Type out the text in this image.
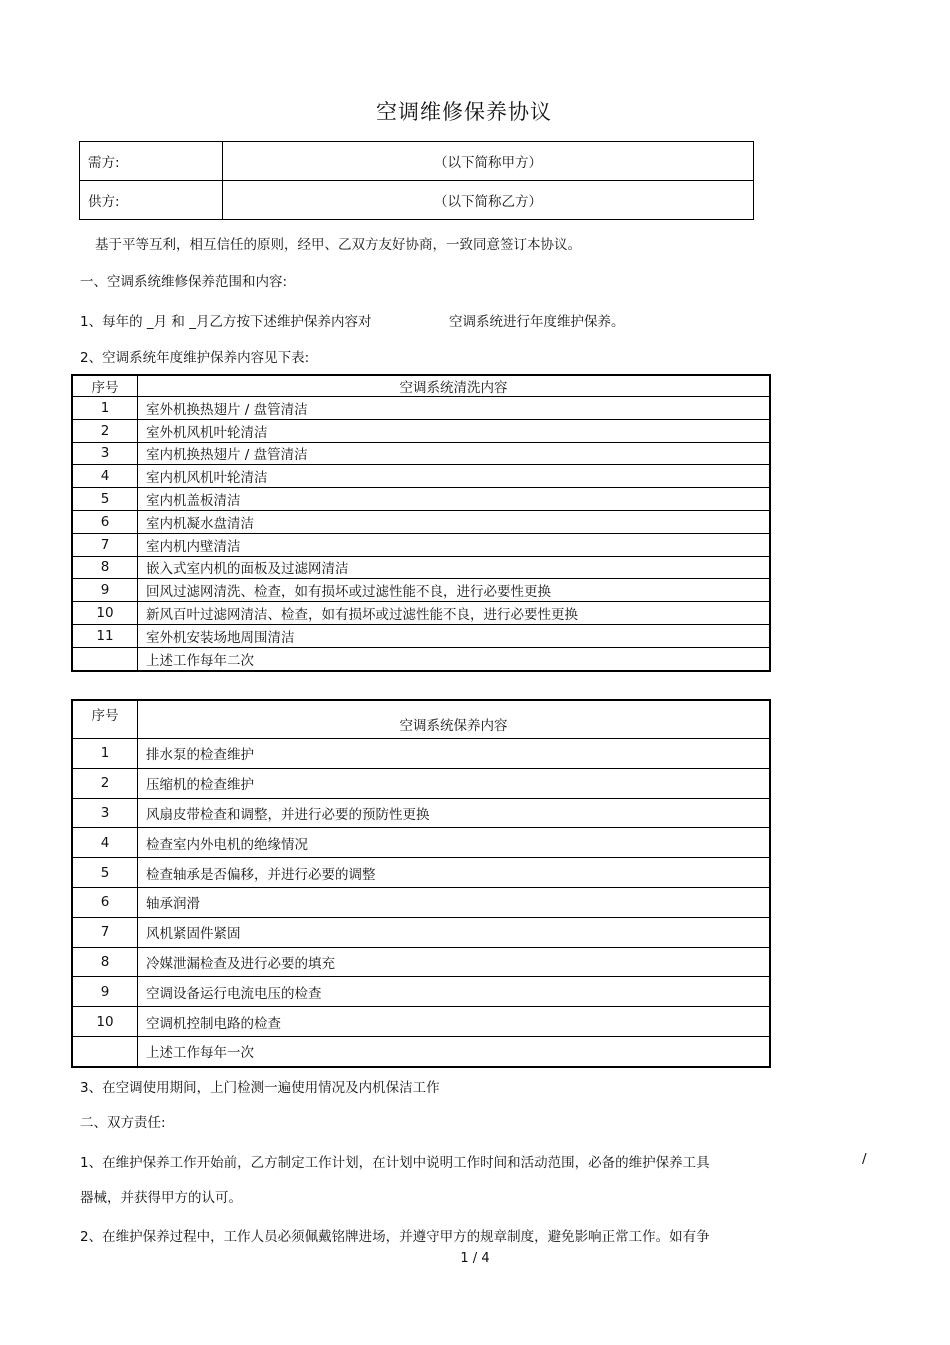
空调维修保养协议
需方:	（以下简称甲方）
供方:	（以下简称乙方）
基于平等互利，相互信任的原则，经甲、乙双方友好协商，一致同意签订本协议。
一、空调系统维修保养范围和内容:
1、每年的 _月 和 _月乙方按下述维护保养内容对	空调系统进行年度维护保养。
2、空调系统年度维护保养内容见下表:
序号	空调系统清洗内容
1	室外机换热翅片 / 盘管清洁
2	室外机风机叶轮清洁
3	室内机换热翅片 / 盘管清洁
4	室内机风机叶轮清洁
5	室内机盖板清洁
6	室内机凝水盘清洁
7	室内机内壁清洁
8	嵌入式室内机的面板及过滤网清洁
9	回风过滤网清洗、检查，如有损坏或过滤性能不良，进行必要性更换
10	新风百叶过滤网清洁、检查，如有损坏或过滤性能不良，进行必要性更换
11	室外机安装场地周围清洁
	上述工作每年二次
序号	空调系统保养内容
1	排水泵的检查维护
2	压缩机的检查维护
3	风扇皮带检查和调整，并进行必要的预防性更换
4	检查室内外电机的绝缘情况
5	检查轴承是否偏移，并进行必要的调整
6	轴承润滑
7	风机紧固件紧固
8	冷媒泄漏检查及进行必要的填充
9	空调设备运行电流电压的检查
10	空调机控制电路的检查
	上述工作每年一次
3、在空调使用期间，上门检测一遍使用情况及内机保洁工作
二、双方责任:
1、在维护保养工作开始前，乙方制定工作计划，在计划中说明工作时间和活动范围，必备的维护保养工具	/
器械，并获得甲方的认可。
2、在维护保养过程中，工作人员必须佩戴铭牌进场，并遵守甲方的规章制度，避免影响正常工作。如有争
1 / 4
